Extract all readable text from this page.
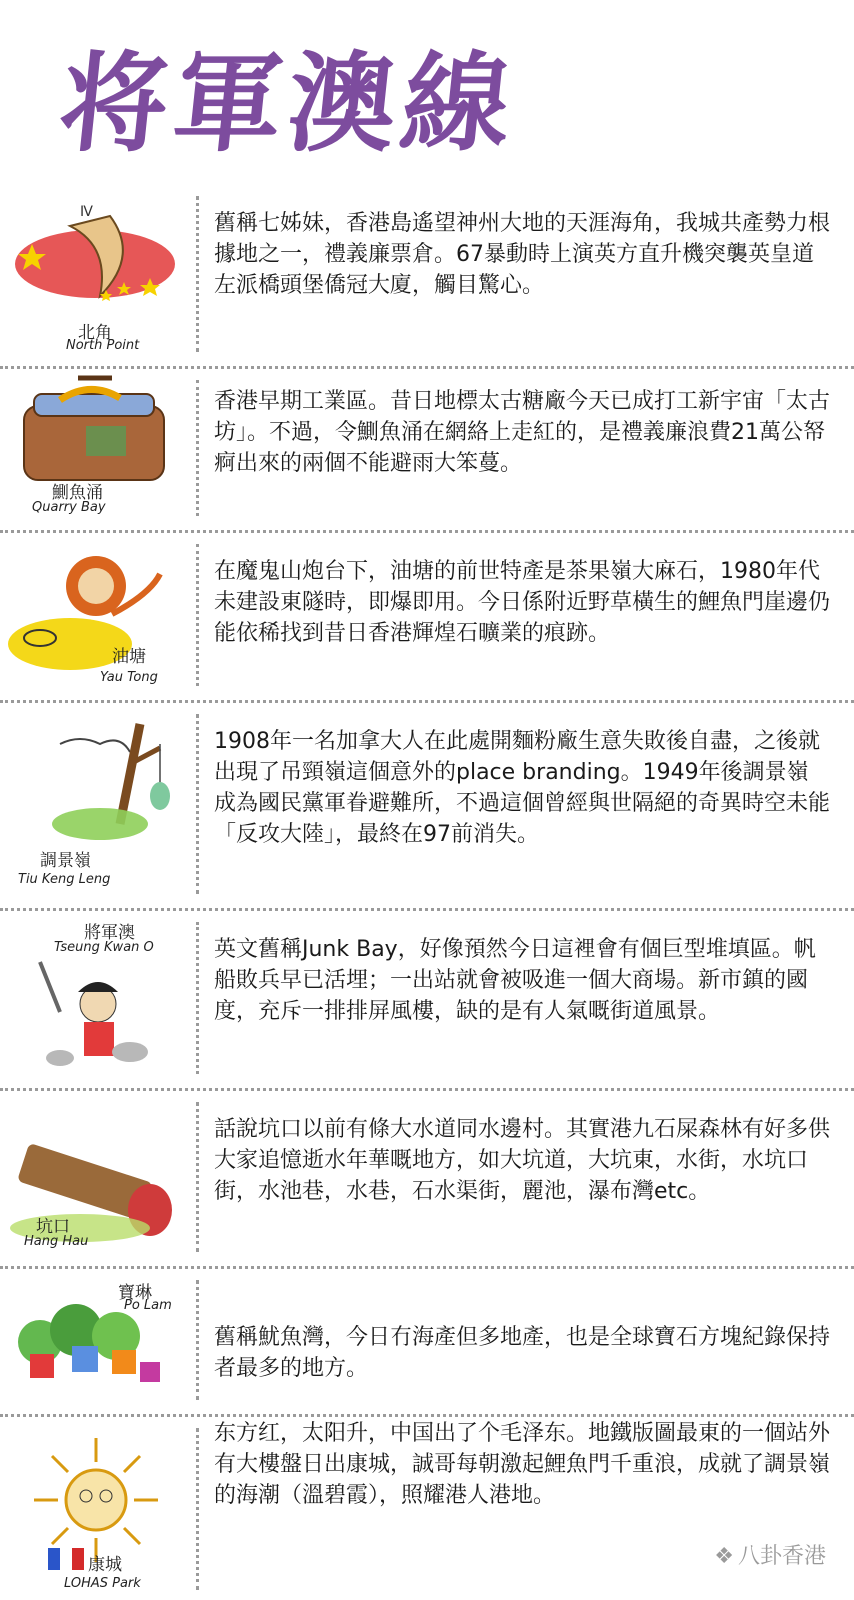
将軍澳線
Ⅳ
北角
North Point
舊稱七姊妹，香港島遙望神州大地的天涯海角，我城共產勢力根據地之一，禮義廉票倉。67暴動時上演英方直升機突襲英皇道左派橋頭堡僑冠大廈，觸目驚心。
鰂魚涌
Quarry Bay
香港早期工業區。昔日地標太古糖廠今天已成打工新宇宙「太古坊」。不過，令鰂魚涌在網絡上走紅的，是禮義廉浪費21萬公帑痾出來的兩個不能避雨大笨蔓。
油塘
Yau Tong
在魔鬼山炮台下，油塘的前世特產是茶果嶺大麻石，1980年代未建設東隧時，即爆即用。今日係附近野草橫生的鯉魚門崖邊仍能依稀找到昔日香港輝煌石曠業的痕跡。
調景嶺
Tiu Keng Leng
1908年一名加拿大人在此處開麵粉廠生意失敗後自盡，之後就出現了吊頸嶺這個意外的place branding。1949年後調景嶺成為國民黨軍眷避難所，不過這個曾經與世隔絕的奇異時空未能「反攻大陸」，最終在97前消失。
將軍澳
Tseung Kwan O	英文舊稱Junk Bay，好像預然今日這裡會有個巨型堆填區。帆船敗兵早已活埋；一出站就會被吸進一個大商場。新市鎮的國度，充斥一排排屏風樓，缺的是有人氣嘅街道風景。
坑口
Hang Hau
話說坑口以前有條大水道同水邊村。其實港九石屎森林有好多供大家追憶逝水年華嘅地方，如大坑道，大坑東，水街，水坑口街，水池巷，水巷，石水渠街，麗池，瀑布灣etc。
寶琳
Po Lam
舊稱魷魚灣，今日冇海產但多地產，也是全球寶石方塊紀錄保持者最多的地方。
康城
LOHAS Park
东方红，太阳升，中国出了个毛泽东。地鐵版圖最東的一個站外有大樓盤日出康城，誠哥每朝激起鯉魚門千重浪，成就了調景嶺的海潮（溫碧霞），照耀港人港地。
❖ 八卦香港
